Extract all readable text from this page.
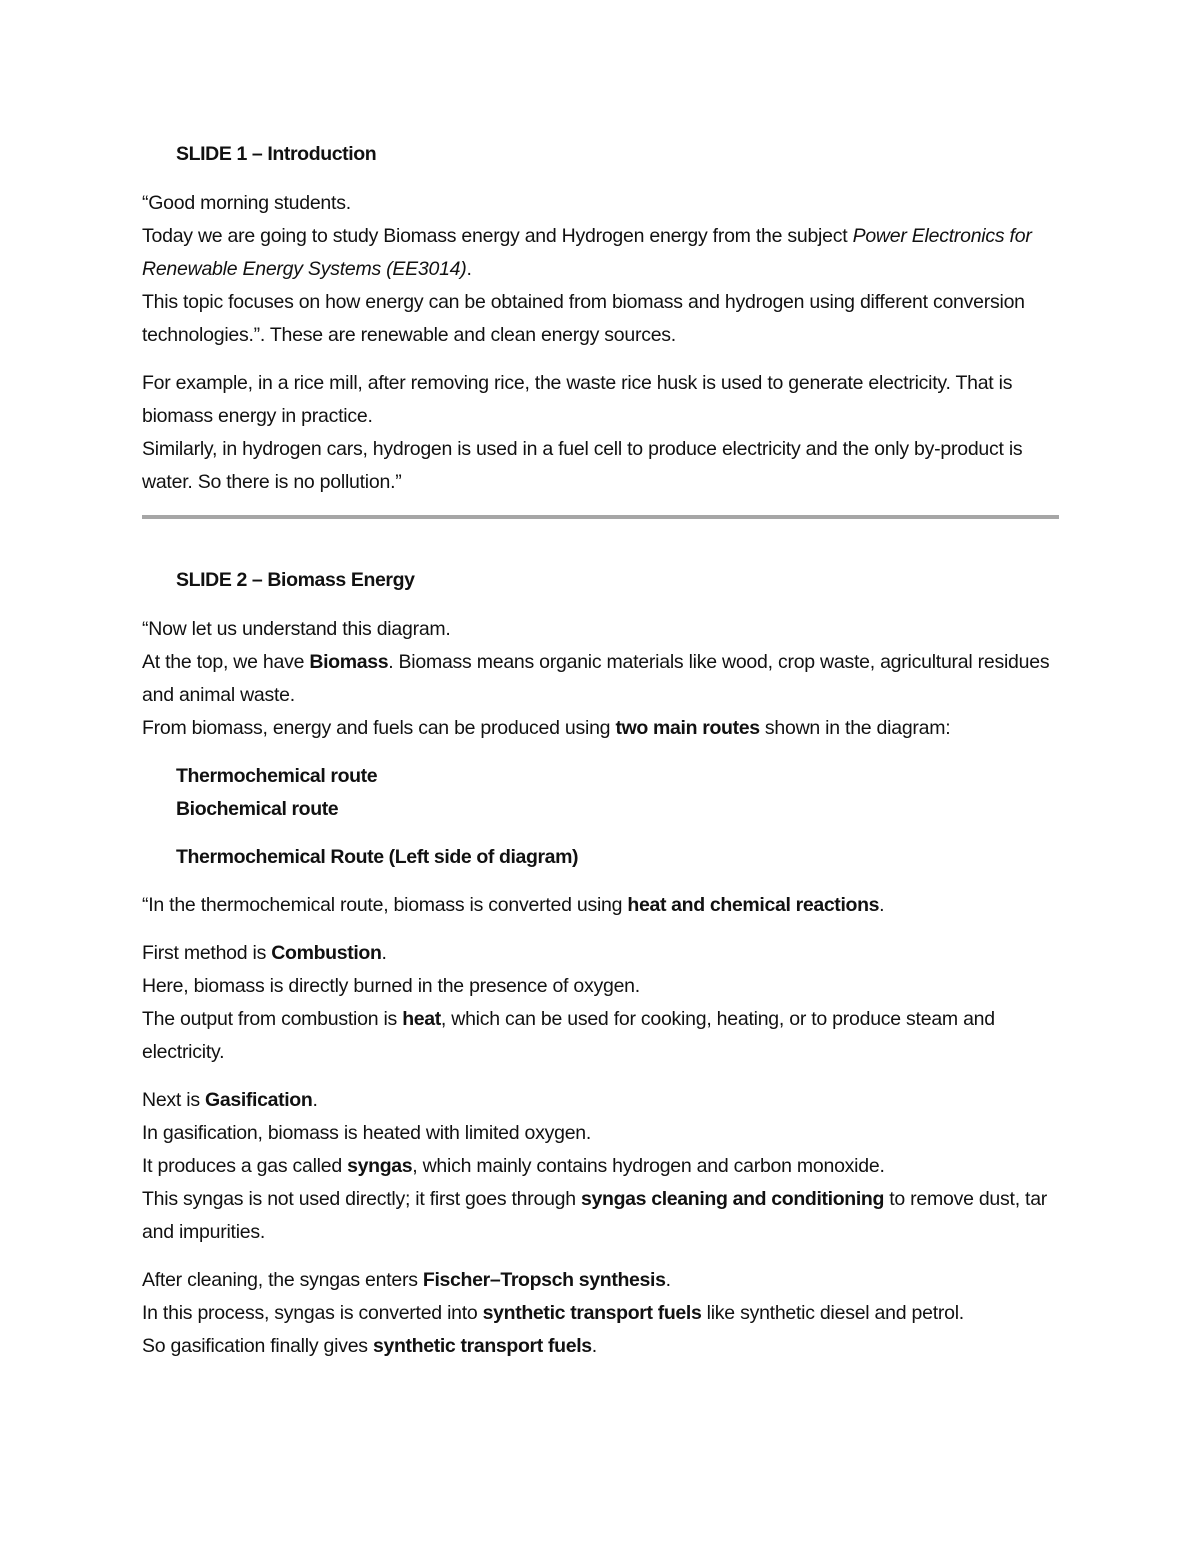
SLIDE 1 – Introduction

“Good morning students.

Today we are going to study Biomass energy and Hydrogen energy from the subject Power Electronics for Renewable Energy Systems (EE3014).

This topic focuses on how energy can be obtained from biomass and hydrogen using different conversion technologies.”. These are renewable and clean energy sources.

For example, in a rice mill, after removing rice, the waste rice husk is used to generate electricity. That is biomass energy in practice.

Similarly, in hydrogen cars, hydrogen is used in a fuel cell to produce electricity and the only by-product is water. So there is no pollution.”

SLIDE 2 – Biomass Energy

“Now let us understand this diagram.

At the top, we have Biomass. Biomass means organic materials like wood, crop waste, agricultural residues and animal waste.

From biomass, energy and fuels can be produced using two main routes shown in the diagram:

Thermochemical route

Biochemical route

Thermochemical Route (Left side of diagram)

“In the thermochemical route, biomass is converted using heat and chemical reactions.

First method is Combustion.

Here, biomass is directly burned in the presence of oxygen.

The output from combustion is heat, which can be used for cooking, heating, or to produce steam and electricity.

Next is Gasification.

In gasification, biomass is heated with limited oxygen.

It produces a gas called syngas, which mainly contains hydrogen and carbon monoxide.

This syngas is not used directly; it first goes through syngas cleaning and conditioning to remove dust, tar and impurities.

After cleaning, the syngas enters Fischer–Tropsch synthesis.

In this process, syngas is converted into synthetic transport fuels like synthetic diesel and petrol.

So gasification finally gives synthetic transport fuels.
